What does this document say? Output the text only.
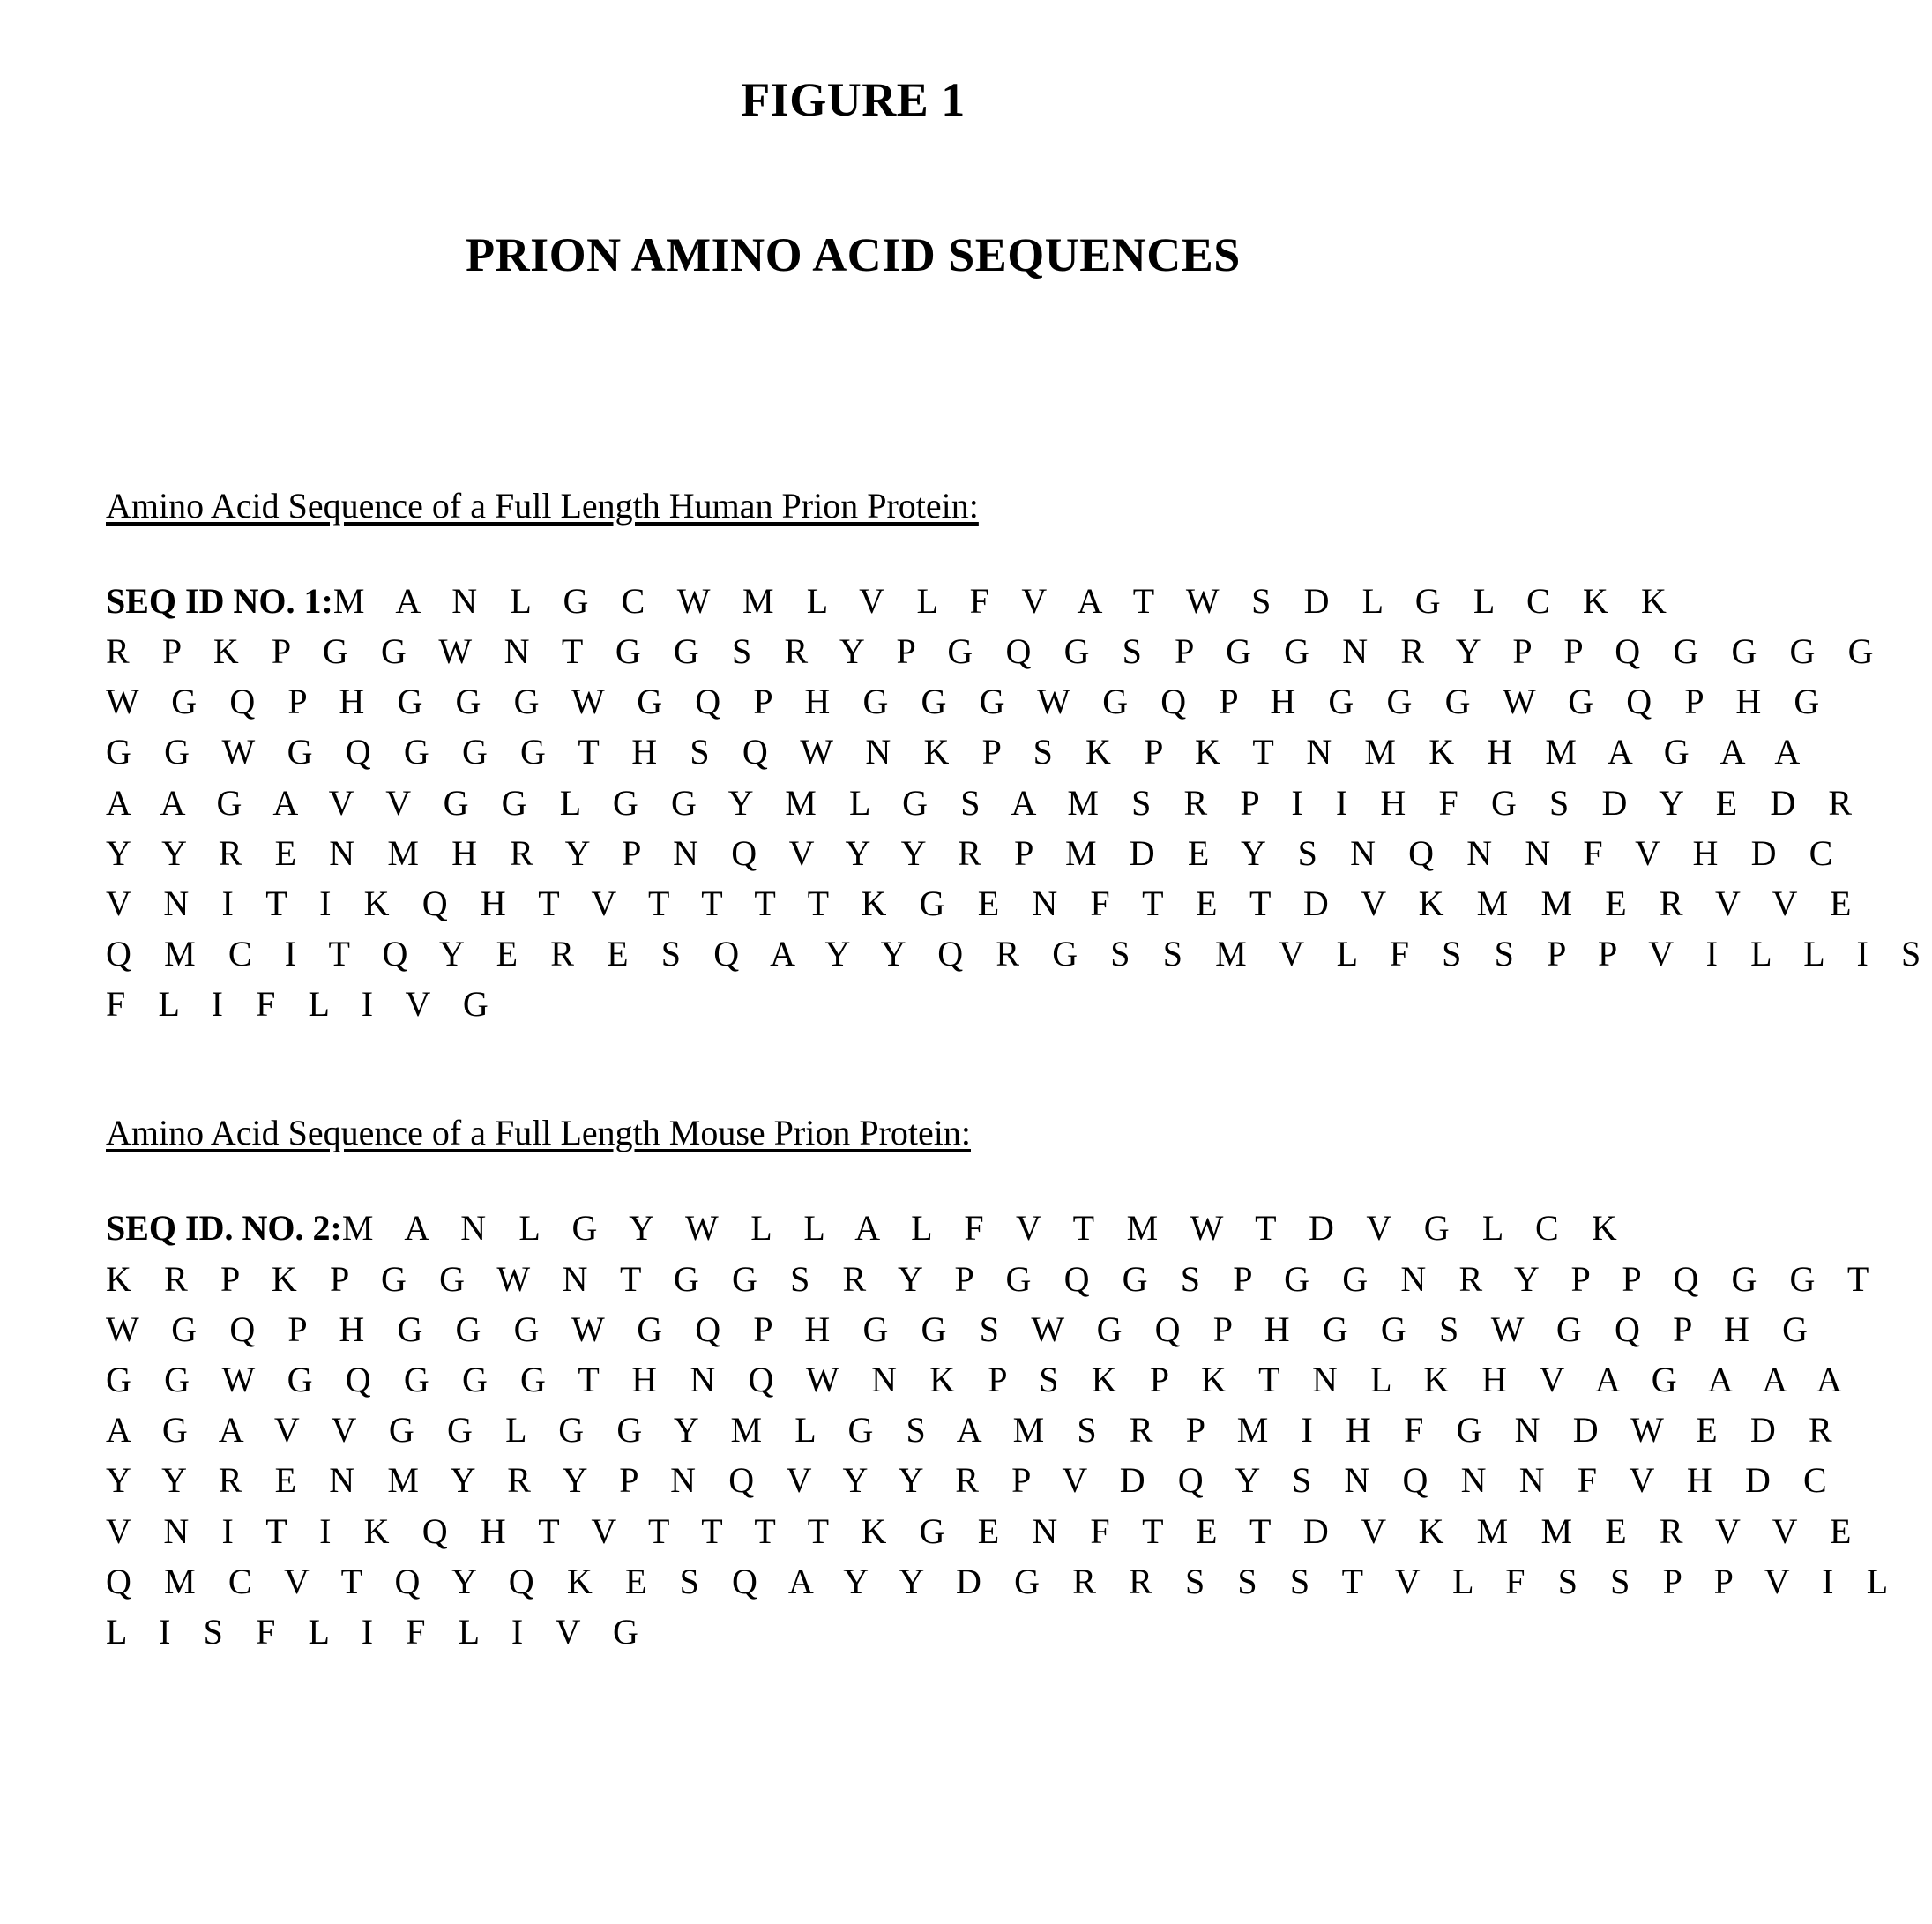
FIGURE 1
PRION AMINO ACID SEQUENCES
Amino Acid Sequence of a Full Length Human Prion Protein:
SEQ ID NO. 1:M A N L G C W M L V L F V A T W S D L G L C K K
R P K P G G W N T G G S R Y P G Q G S P G G N R Y P P Q G G G G
W G Q P H G G G W G Q P H G G G W G Q P H G G G W G Q P H G
G G W G Q G G G T H S Q W N K P S K P K T N M K H M A G A A
A A G A V V G G L G G Y M L G S A M S R P I I H F G S D Y E D R
Y Y R E N M H R Y P N Q V Y Y R P M D E Y S N Q N N F V H D C
V N I T I K Q H T V T T T T K G E N F T E T D V K M M E R V V E
Q M C I T Q Y E R E S Q A Y Y Q R G S S M V L F S S P P V I L L I S
F L I F L I V G
Amino Acid Sequence of a Full Length Mouse Prion Protein:
SEQ ID. NO. 2:M A N L G Y W L L A L F V T M W T D V G L C K
K R P K P G G W N T G G S R Y P G Q G S P G G N R Y P P Q G G T
W G Q P H G G G W G Q P H G G S W G Q P H G G S W G Q P H G
G G W G Q G G G T H N Q W N K P S K P K T N L K H V A G A A A
A G A V V G G L G G Y M L G S A M S R P M I H F G N D W E D R
Y Y R E N M Y R Y P N Q V Y Y R P V D Q Y S N Q N N F V H D C
V N I T I K Q H T V T T T T K G E N F T E T D V K M M E R V V E
Q M C V T Q Y Q K E S Q A Y Y D G R R S S S T V L F S S P P V I L
L I S F L I F L I V G
